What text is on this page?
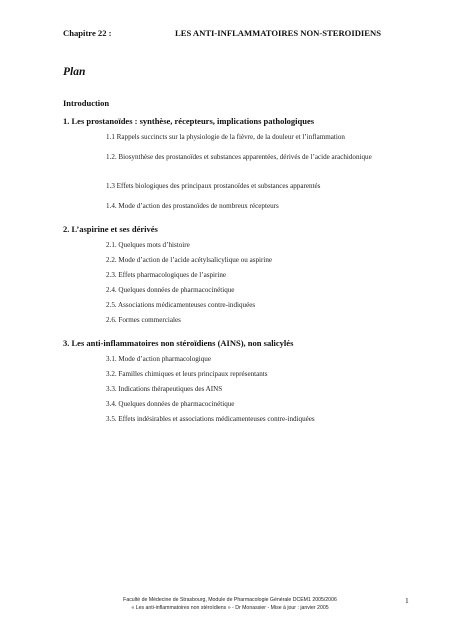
Chapitre 22 :	LES ANTI-INFLAMMATOIRES NON-STEROIDIENS
Plan
Introduction
1. Les prostanoïdes : synthèse, récepteurs, implications pathologiques
1.1 Rappels succincts sur la physiologie de la fièvre, de la douleur et l’inflammation
1.2. Biosynthèse des prostanoïdes et substances apparentées, dérivés de l’acide arachidonique
1.3 Effets biologiques des principaux prostanoïdes et substances apparentés
1.4. Mode d’action des prostanoïdes de nombreux récepteurs
2. L’aspirine et ses dérivés
2.1. Quelques mots d’histoire
2.2. Mode d’action de l’acide acétylsalicylique ou aspirine
2.3. Effets pharmacologiques de l’aspirine
2.4. Quelques données de pharmacocinétique
2.5. Associations médicamenteuses contre-indiquées
2.6. Formes commerciales
3. Les anti-inflammatoires non stéroïdiens (AINS), non salicylés
3.1. Mode d’action pharmacologique
3.2. Familles chimiques et leurs principaux représentants
3.3. Indications thérapeutiques des AINS
3.4. Quelques données de pharmacocinétique
3.5. Effets indésirables et associations médicamenteuses contre-indiquées
Faculté de Médecine de Strasbourg, Module de Pharmacologie Générale DCEM1 2005/2006
« Les anti-inflammatoires non stéroïdiens » - Dr Monassier - Mise à jour : janvier 2005
1
